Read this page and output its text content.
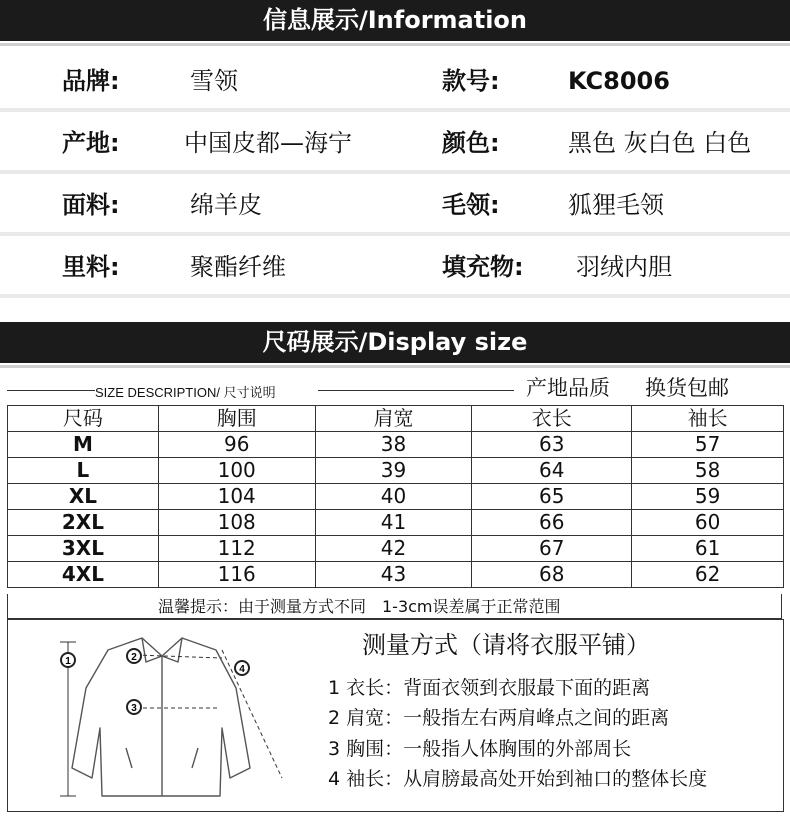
信息展示/Information
品牌:	雪领	款号:	KC8006
产地:	中国皮都—海宁	颜色:	黑色 灰白色 白色
面料:	绵羊皮	毛领:	狐狸毛领
里料:	聚酯纤维	填充物: 羽绒内胆
尺码展示/Display size
SIZE DESCRIPTION/ 尺寸说明	产地品质 换货包邮
尺码	胸围	肩宽	衣长	袖长
M	96	38	63	57
L	100	39	64	58
XL	104	40	65	59
2XL	108	41	66	60
3XL	112	42	67	61
4XL	116	43	68	62
温馨提示：由于测量方式不同　1-3cm误差属于正常范围
1	2
3
4
测量方式（请将衣服平铺）
1 衣长：背面衣领到衣服最下面的距离
2 肩宽：一般指左右两肩峰点之间的距离
3 胸围：一般指人体胸围的外部周长
4 袖长：从肩膀最高处开始到袖口的整体长度
